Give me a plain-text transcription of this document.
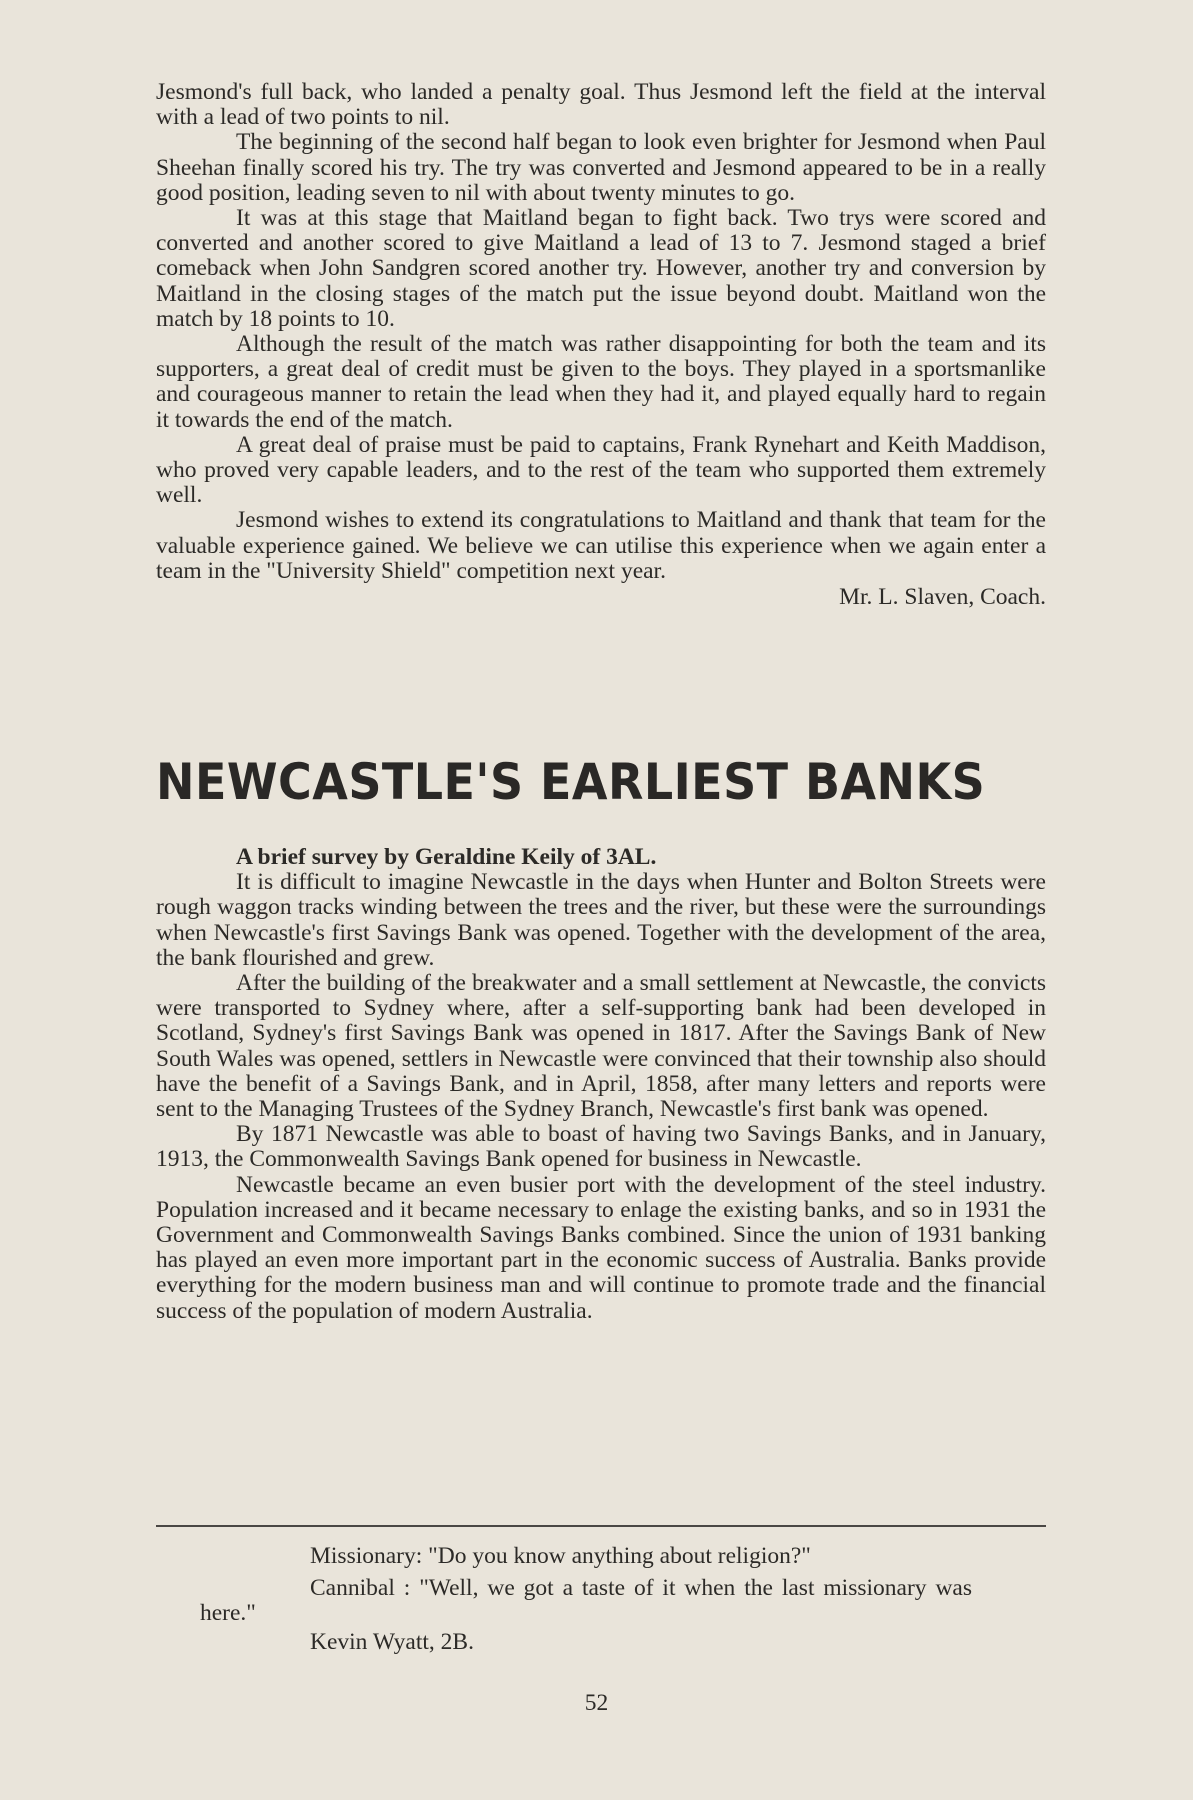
Jesmond's full back, who landed a penalty goal. Thus Jesmond left the field at the interval with a lead of two points to nil.

The beginning of the second half began to look even brighter for Jesmond when Paul Sheehan finally scored his try. The try was converted and Jesmond appeared to be in a really good position, leading seven to nil with about twenty minutes to go.

It was at this stage that Maitland began to fight back. Two trys were scored and converted and another scored to give Maitland a lead of 13 to 7. Jesmond staged a brief comeback when John Sandgren scored another try. However, another try and conversion by Maitland in the closing stages of the match put the issue beyond doubt. Maitland won the match by 18 points to 10.

Although the result of the match was rather disappointing for both the team and its supporters, a great deal of credit must be given to the boys. They played in a sportsmanlike and courageous manner to retain the lead when they had it, and played equally hard to regain it towards the end of the match.

A great deal of praise must be paid to captains, Frank Rynehart and Keith Maddison, who proved very capable leaders, and to the rest of the team who supported them extremely well.

Jesmond wishes to extend its congratulations to Maitland and thank that team for the valuable experience gained. We believe we can utilise this experience when we again enter a team in the "University Shield" competition next year.

Mr. L. Slaven, Coach.

NEWCASTLE'S EARLIEST BANKS

A brief survey by Geraldine Keily of 3AL.

It is difficult to imagine Newcastle in the days when Hunter and Bolton Streets were rough waggon tracks winding between the trees and the river, but these were the surroundings when Newcastle's first Savings Bank was opened. Together with the development of the area, the bank flourished and grew.

After the building of the breakwater and a small settlement at Newcastle, the convicts were transported to Sydney where, after a self-supporting bank had been developed in Scotland, Sydney's first Savings Bank was opened in 1817. After the Savings Bank of New South Wales was opened, settlers in Newcastle were convinced that their township also should have the benefit of a Savings Bank, and in April, 1858, after many letters and reports were sent to the Managing Trustees of the Sydney Branch, Newcastle's first bank was opened.

By 1871 Newcastle was able to boast of having two Savings Banks, and in January, 1913, the Commonwealth Savings Bank opened for business in Newcastle.

Newcastle became an even busier port with the development of the steel industry. Population increased and it became necessary to enlage the existing banks, and so in 1931 the Government and Commonwealth Savings Banks combined. Since the union of 1931 banking has played an even more important part in the economic success of Australia. Banks provide everything for the modern business man and will continue to promote trade and the financial success of the population of modern Australia.

Missionary: "Do you know anything about religion?"

Cannibal : "Well, we got a taste of it when the last missionary was here."

Kevin Wyatt, 2B.

52
